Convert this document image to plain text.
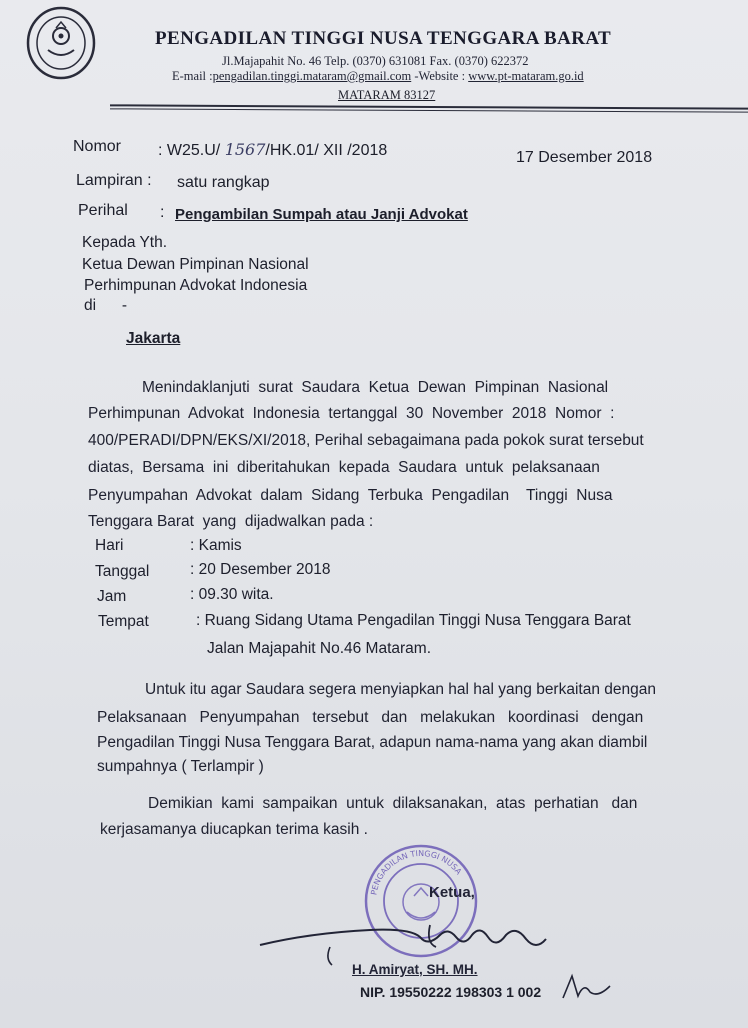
PENGADILAN TINGGI NUSA TENGGARA BARAT
Jl.Majapahit No. 46 Telp. (0370) 631081 Fax. (0370) 622372
E-mail :pengadilan.tinggi.mataram@gmail.com -Website : www.pt-mataram.go.id
MATARAM 83127
Nomor : W25.U/ 1567/HK.01/ XII /2018	17 Desember 2018
Lampiran : satu rangkap
Perihal : Pengambilan Sumpah atau Janji Advokat
Kepada Yth.
Ketua Dewan Pimpinan Nasional
Perhimpunan Advokat Indonesia
di      -
Jakarta
Menindaklanjuti  surat  Saudara  Ketua  Dewan  Pimpinan  Nasional
Perhimpunan  Advokat  Indonesia  tertanggal  30  November  2018  Nomor  :
400/PERADI/DPN/EKS/XI/2018, Perihal sebagaimana pada pokok surat tersebut
diatas,  Bersama  ini  diberitahukan  kepada  Saudara  untuk  pelaksanaan
Penyumpahan  Advokat  dalam  Sidang  Terbuka  Pengadilan    Tinggi  Nusa
Tenggara Barat  yang  dijadwalkan pada :
Hari	: Kamis
Tanggal	: 20 Desember 2018
Jam	: 09.30 wita.
Tempat	: Ruang Sidang Utama Pengadilan Tinggi Nusa Tenggara Barat
Jalan Majapahit No.46 Mataram.
Untuk itu agar Saudara segera menyiapkan hal hal yang berkaitan dengan
Pelaksanaan   Penyumpahan   tersebut   dan   melakukan   koordinasi   dengan
Pengadilan Tinggi Nusa Tenggara Barat, adapun nama-nama yang akan diambil
sumpahnya ( Terlampir )
Demikian  kami  sampaikan  untuk  dilaksanakan,  atas  perhatian   dan
kerjasamanya diucapkan terima kasih .
PENGADILAN TINGGI NUSA
Ketua,
H. Amiryat, SH. MH.
NIP. 19550222 198303 1 002
